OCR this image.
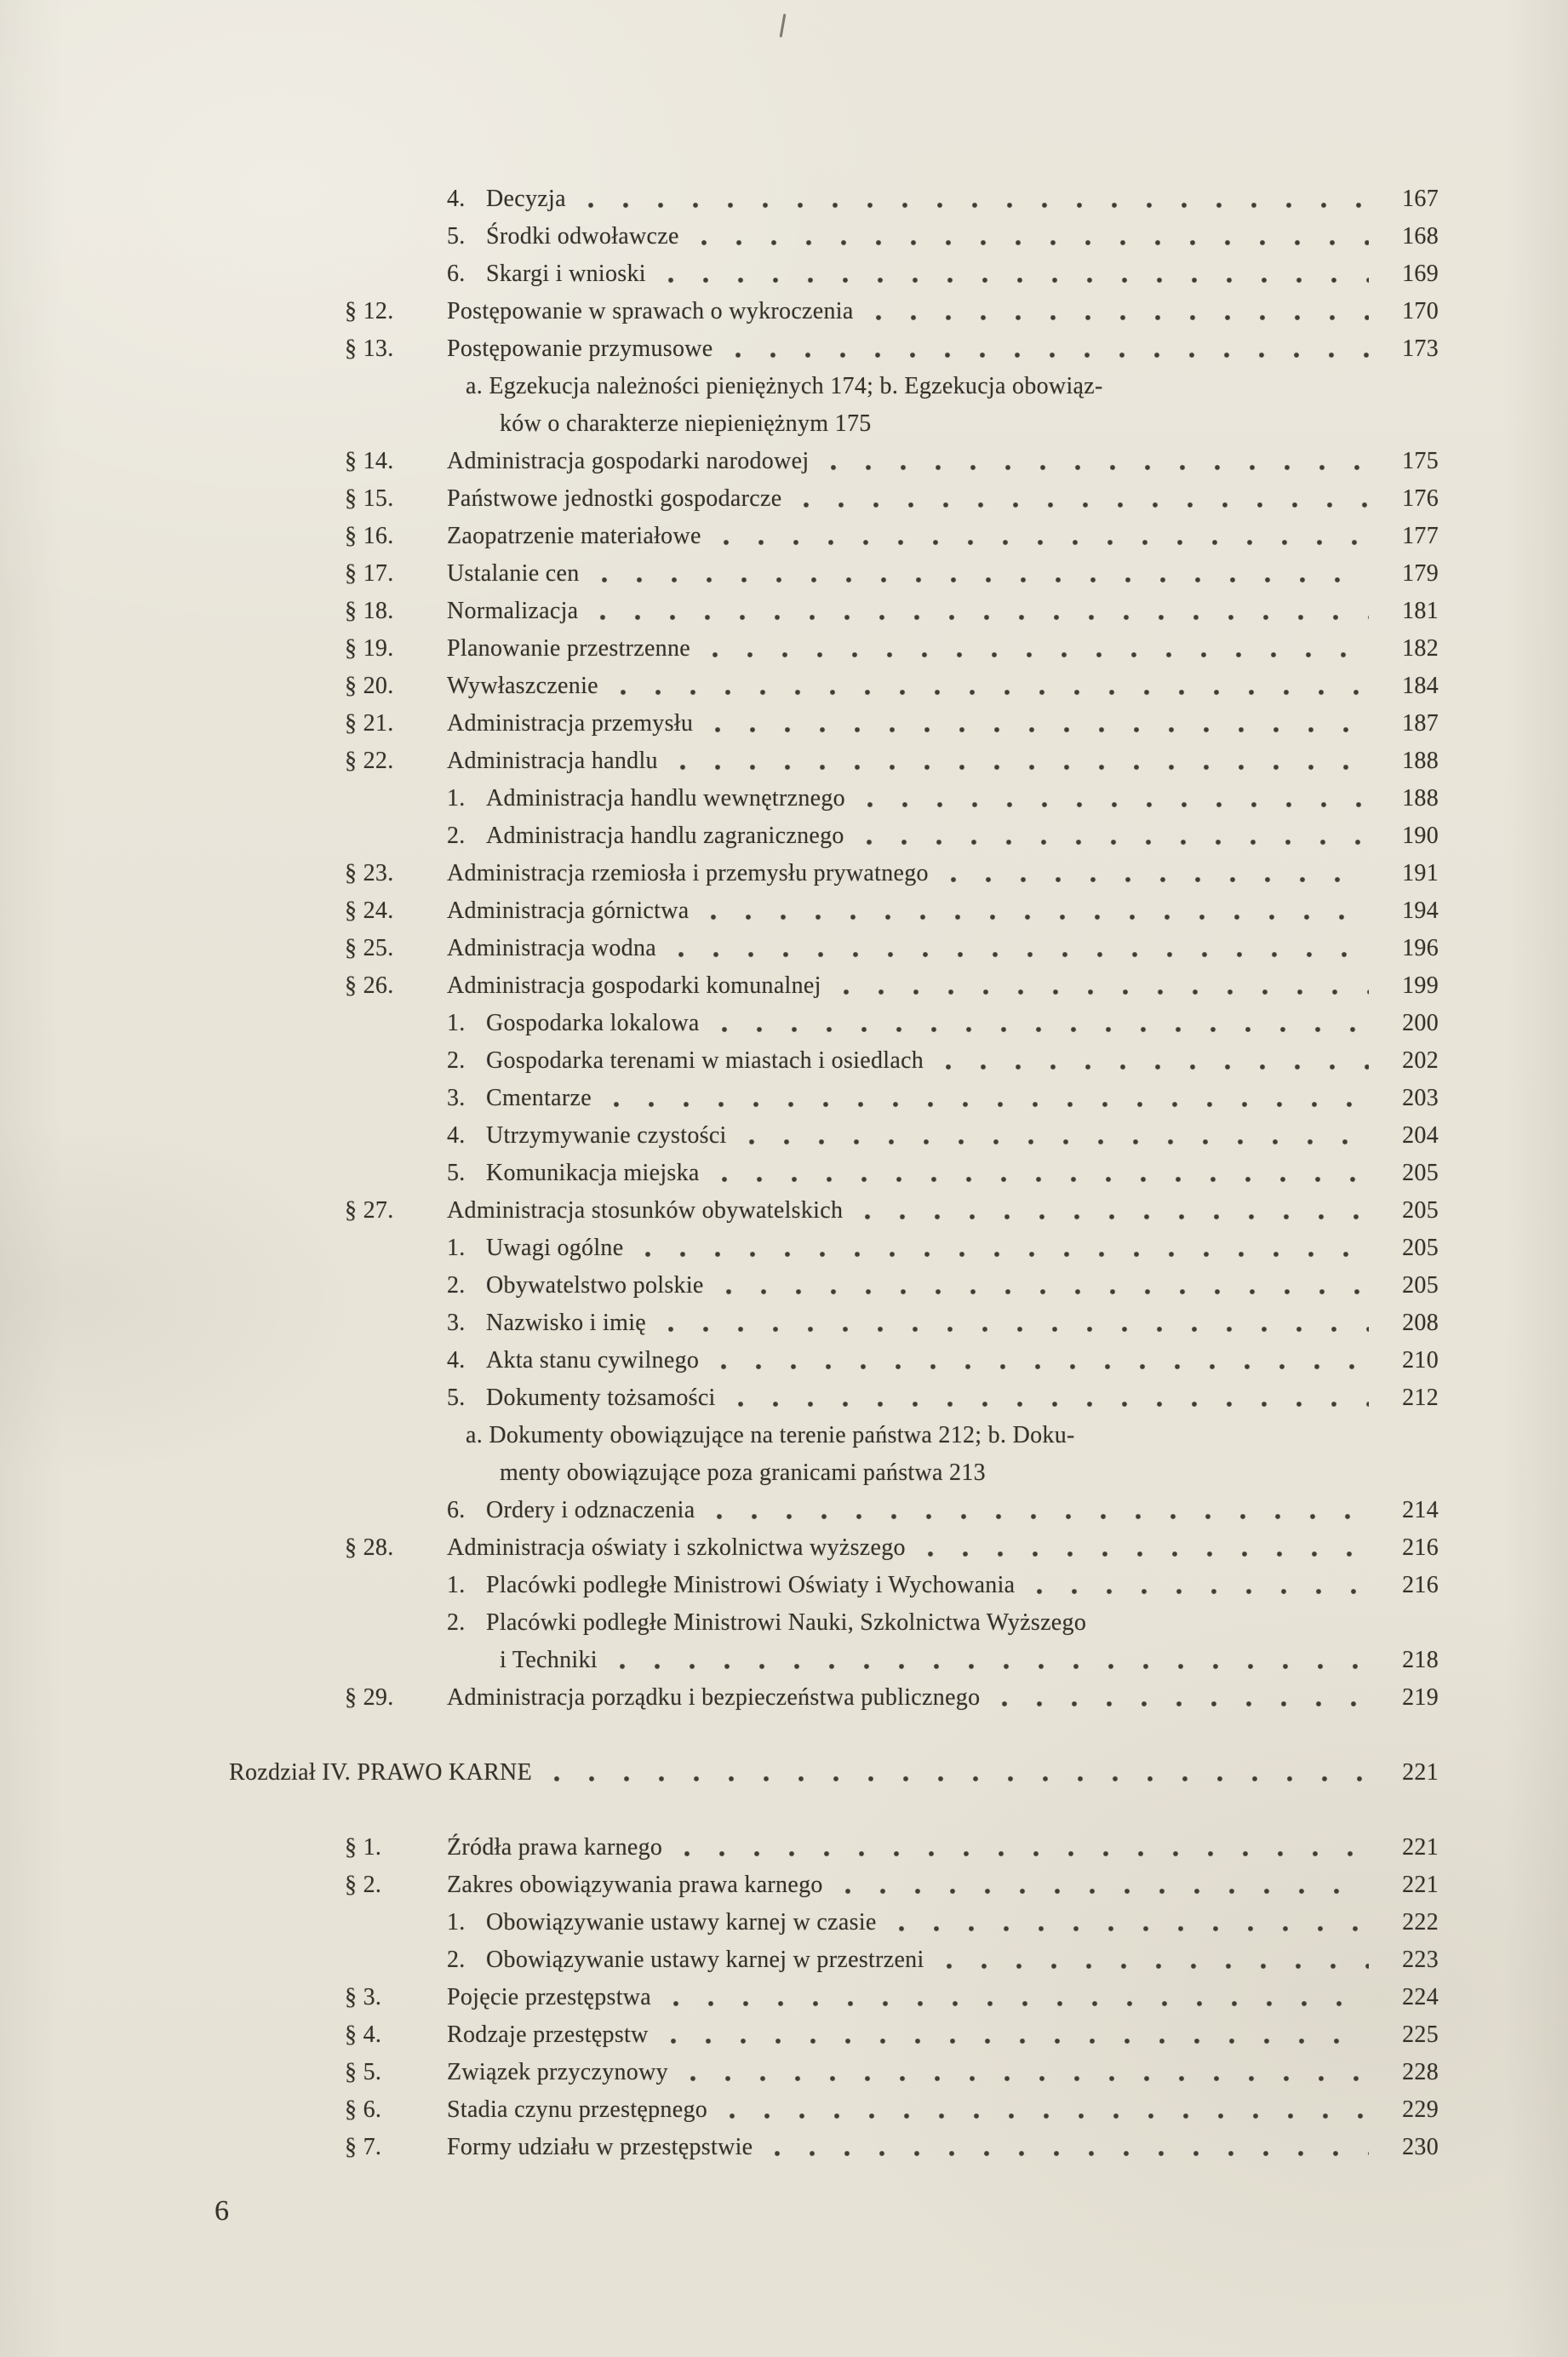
4. Decyzja	167
5. Środki odwoławcze	168
6. Skargi i wnioski	169
§ 12.	Postępowanie w sprawach o wykroczenia	170
§ 13.	Postępowanie przymusowe	173
a. Egzekucja należności pieniężnych 174; b. Egzekucja obowiąz-
ków o charakterze niepieniężnym 175
§ 14.	Administracja gospodarki narodowej	175
§ 15.	Państwowe jednostki gospodarcze	176
§ 16.	Zaopatrzenie materiałowe	177
§ 17.	Ustalanie cen	179
§ 18.	Normalizacja	181
§ 19.	Planowanie przestrzenne	182
§ 20.	Wywłaszczenie	184
§ 21.	Administracja przemysłu	187
§ 22.	Administracja handlu	188
1. Administracja handlu wewnętrznego	188
2. Administracja handlu zagranicznego	190
§ 23.	Administracja rzemiosła i przemysłu prywatnego	191
§ 24.	Administracja górnictwa	194
§ 25.	Administracja wodna	196
§ 26.	Administracja gospodarki komunalnej	199
1. Gospodarka lokalowa	200
2. Gospodarka terenami w miastach i osiedlach	202
3. Cmentarze	203
4. Utrzymywanie czystości	204
5. Komunikacja miejska	205
§ 27.	Administracja stosunków obywatelskich	205
1. Uwagi ogólne	205
2. Obywatelstwo polskie	205
3. Nazwisko i imię	208
4. Akta stanu cywilnego	210
5. Dokumenty tożsamości	212
a. Dokumenty obowiązujące na terenie państwa 212; b. Doku-
menty obowiązujące poza granicami państwa 213
6. Ordery i odznaczenia	214
§ 28.	Administracja oświaty i szkolnictwa wyższego	216
1. Placówki podległe Ministrowi Oświaty i Wychowania	216
2. Placówki podległe Ministrowi Nauki, Szkolnictwa Wyższego
i Techniki	218
§ 29.	Administracja porządku i bezpieczeństwa publicznego	219
Rozdział IV. PRAWO KARNE	221
§ 1.	Źródła prawa karnego	221
§ 2.	Zakres obowiązywania prawa karnego	221
1. Obowiązywanie ustawy karnej w czasie	222
2. Obowiązywanie ustawy karnej w przestrzeni	223
§ 3.	Pojęcie przestępstwa	224
§ 4.	Rodzaje przestępstw	225
§ 5.	Związek przyczynowy	228
§ 6.	Stadia czynu przestępnego	229
§ 7.	Formy udziału w przestępstwie	230
6
